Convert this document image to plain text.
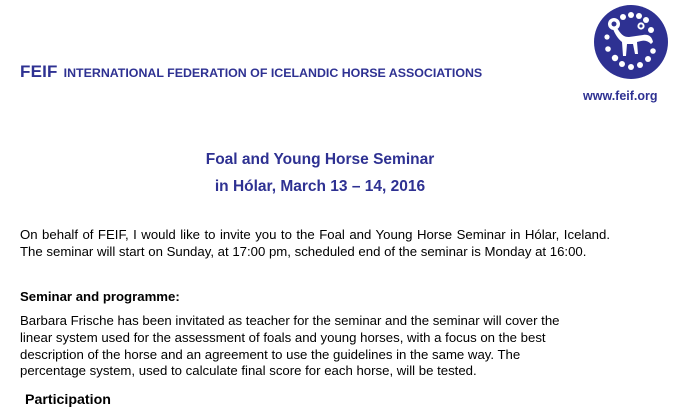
FEIF INTERNATIONAL FEDERATION OF ICELANDIC HORSE ASSOCIATIONS
www.feif.org
Foal and Young Horse Seminar
in Hólar, March 13 – 14, 2016

On behalf of FEIF, I would like to invite you to the Foal and Young Horse Seminar in Hólar, Iceland. The seminar will start on Sunday, at 17:00 pm, scheduled end of the seminar is Monday at 16:00.

Seminar and programme:

Barbara Frische has been invitated as teacher for the seminar and the seminar will cover the
linear system used for the assessment of foals and young horses, with a focus on the best
description of the horse and an agreement to use the guidelines in the same way. The
percentage system, used to calculate final score for each horse, will be tested.

Participation
